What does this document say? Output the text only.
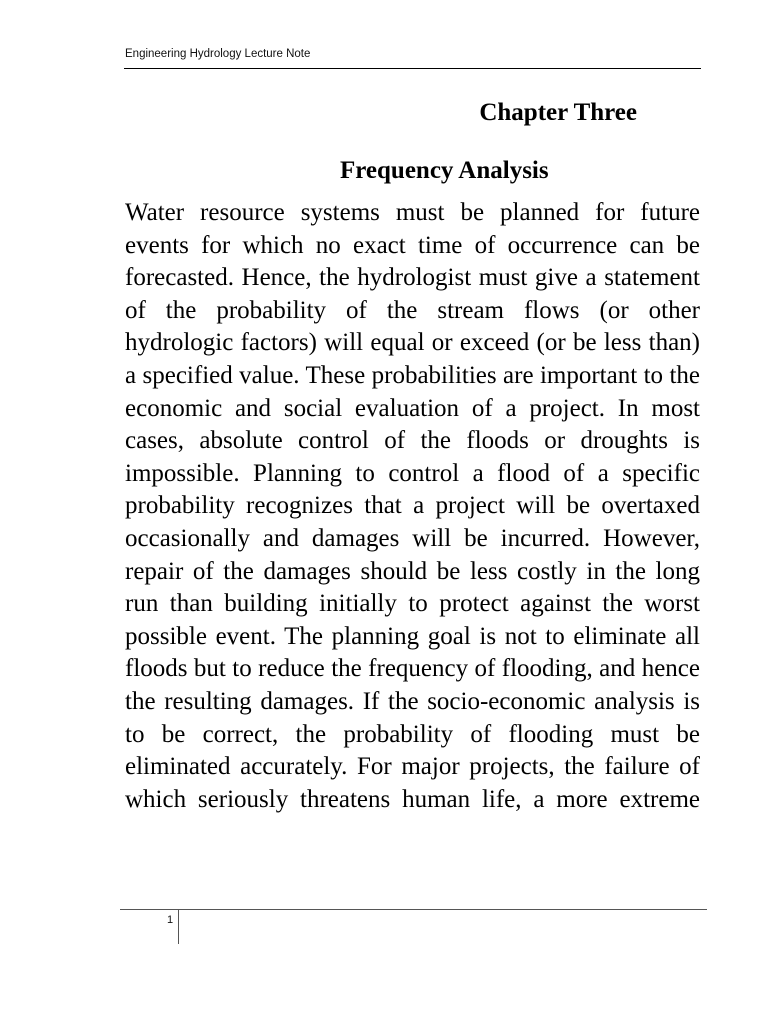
Engineering Hydrology Lecture Note
Chapter Three
Frequency Analysis

Water resource systems must be planned for future events for which no exact time of occurrence can be forecasted. Hence, the hydrologist must give a statement of the probability of the stream flows (or other hydrologic factors) will equal or exceed (or be less than) a specified value. These probabilities are important to the economic and social evaluation of a project. In most cases, absolute control of the floods or droughts is impossible. Planning to control a flood of a specific probability recognizes that a project will be overtaxed occasionally and damages will be incurred. However, repair of the damages should be less costly in the long run than building initially to protect against the worst possible event. The planning goal is not to eliminate all floods but to reduce the frequency of flooding, and hence the resulting damages. If the socio-economic analysis is to be correct, the probability of flooding must be eliminated accurately. For major projects, the failure of which seriously threatens human life, a more extreme

1
